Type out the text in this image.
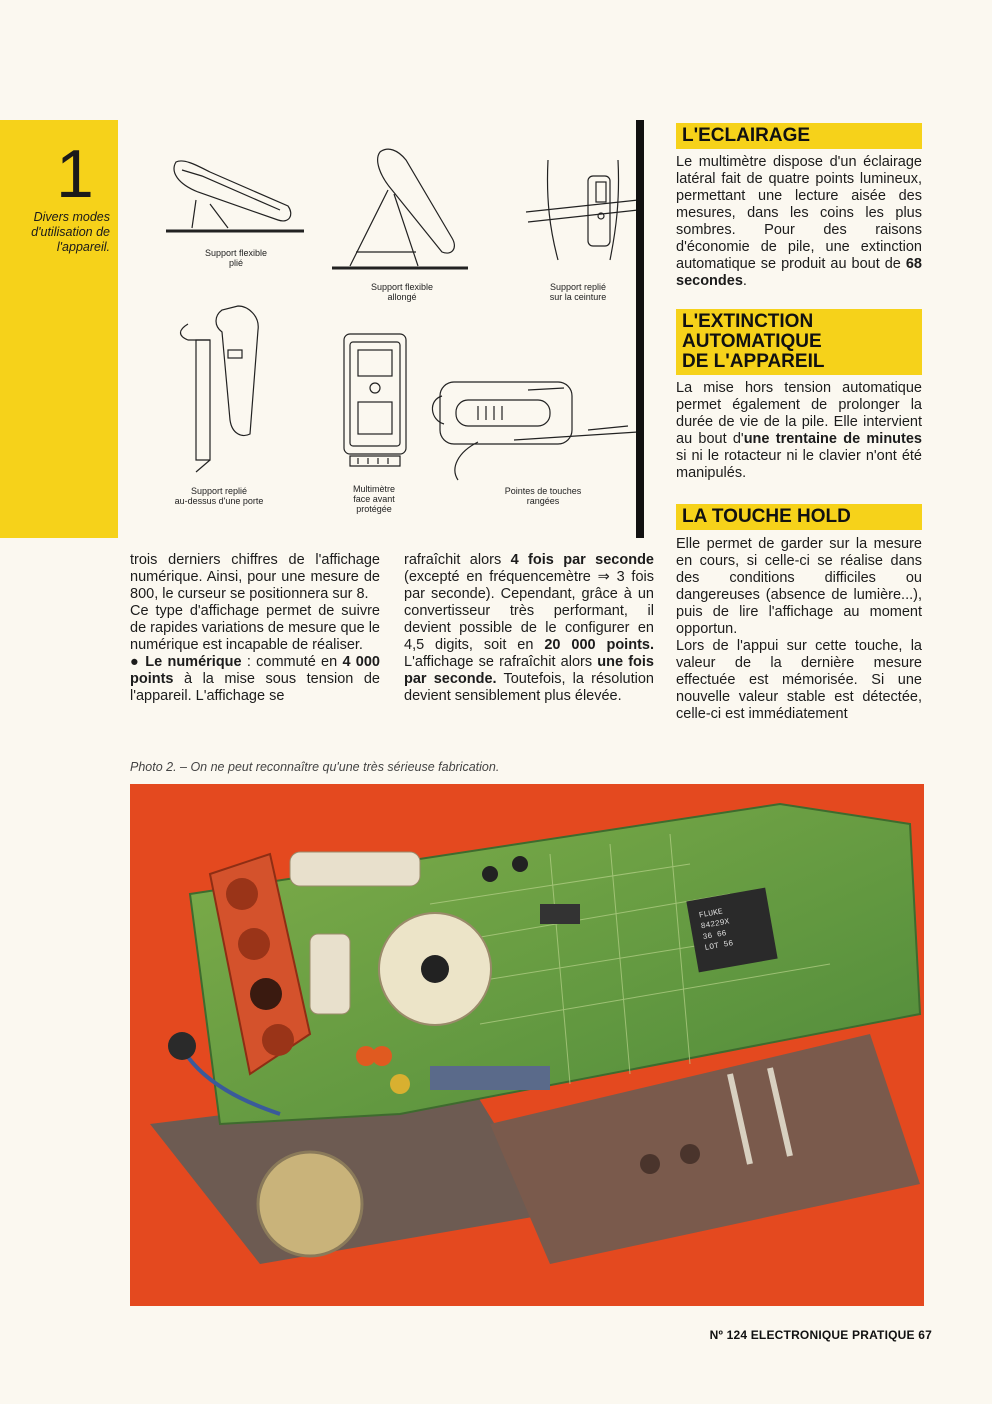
1
Divers modes d'utilisation de l'appareil.	Support flexible
plié
Support flexible
allongé
Support replié
sur la ceinture
Support replié
au-dessus d'une porte
Multimètre
face avant
protégée
Pointes de touches
rangées
L'ECLAIRAGE
Le multimètre dispose d'un éclairage latéral fait de quatre points lumineux, permettant une lecture aisée des mesures, dans les coins les plus sombres. Pour des raisons d'économie de pile, une extinction automatique se produit au bout de 68 secondes.
L'EXTINCTION
AUTOMATIQUE
DE L'APPAREIL
La mise hors tension automatique permet également de prolonger la durée de vie de la pile. Elle intervient au bout d'une trentaine de minutes si ni le rotacteur ni le clavier n'ont été manipulés.
LA TOUCHE HOLD

Elle permet de garder sur la mesure en cours, si celle-ci se réalise dans des conditions difficiles ou dangereuses (absence de lumière...), puis de lire l'affichage au moment opportun.

Lors de l'appui sur cette touche, la valeur de la dernière mesure effectuée est mémorisée. Si une nouvelle valeur stable est détectée, celle-ci est immédiatement

trois derniers chiffres de l'affichage numérique. Ainsi, pour une mesure de 800, le curseur se positionnera sur 8.

Ce type d'affichage permet de suivre de rapides variations de mesure que le numérique est incapable de réaliser.

● Le numérique : commuté en 4 000 points à la mise sous tension de l'appareil. L'affichage se

rafraîchit alors 4 fois par seconde (excepté en fréquencemètre ⇒ 3 fois par seconde). Cependant, grâce à un convertisseur très performant, il devient possible de le configurer en 4,5 digits, soit en 20 000 points. L'affichage se rafraîchit alors une fois par seconde. Toutefois, la résolution devient sensiblement plus élevée.
Photo 2. – On ne peut reconnaître qu'une très sérieuse fabrication.
FLUKE
84229X
36 66
LOT 56
Nº 124 ELECTRONIQUE PRATIQUE 67
